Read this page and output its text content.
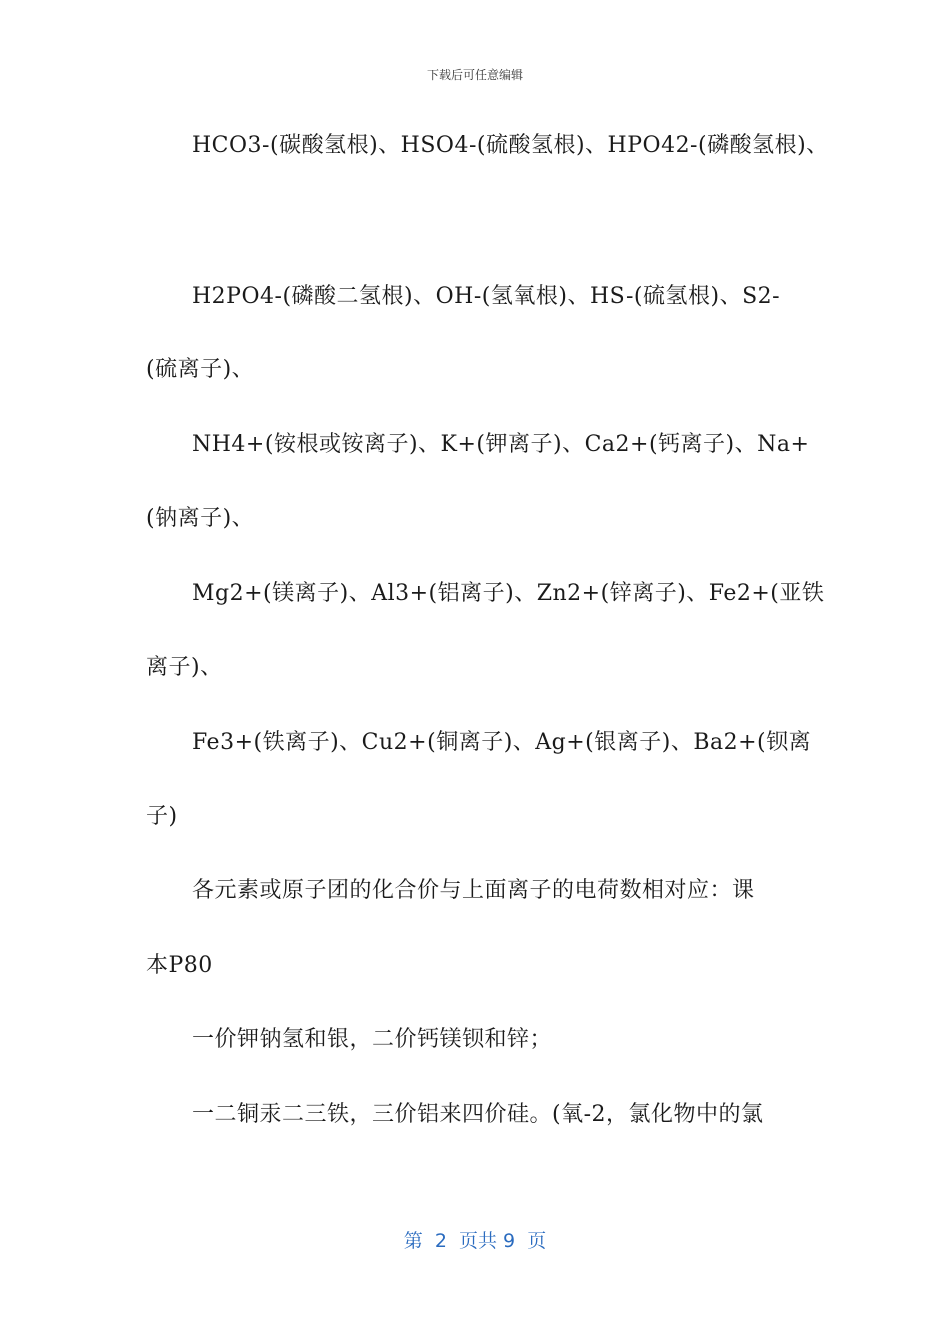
下载后可任意编辑
HCO3-(碳酸氢根)、HSO4-(硫酸氢根)、HPO42-(磷酸氢根)、
H2PO4-(磷酸二氢根)、OH-(氢氧根)、HS-(硫氢根)、S2-
(硫离子)、
NH4+(铵根或铵离子)、K+(钾离子)、Ca2+(钙离子)、Na+
(钠离子)、
Mg2+(镁离子)、Al3+(铝离子)、Zn2+(锌离子)、Fe2+(亚铁
离子)、
Fe3+(铁离子)、Cu2+(铜离子)、Ag+(银离子)、Ba2+(钡离
子)
各元素或原子团的化合价与上面离子的电荷数相对应：课
本P80
一价钾钠氢和银，二价钙镁钡和锌；
一二铜汞二三铁，三价铝来四价硅。(氧-2，氯化物中的氯
第  2  页共 9  页
